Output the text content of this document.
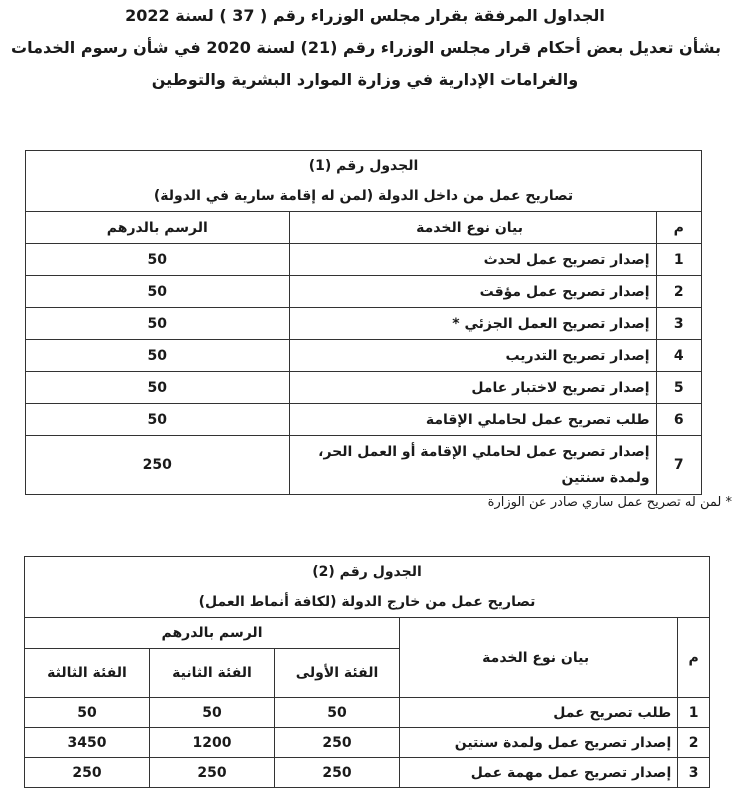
الجداول المرفقة بقرار مجلس الوزراء رقم ( 37 ) لسنة 2022
بشأن تعديل بعض أحكام قرار مجلس الوزراء رقم (21) لسنة 2020 في شأن رسوم الخدمات
والغرامات الإدارية في وزارة الموارد البشرية والتوطين
الجدول رقم (1)
تصاريح عمل من داخل الدولة (لمن له إقامة سارية في الدولة)		

م	بيان نوع الخدمة	الرسم بالدرهم
1	إصدار تصريح عمل لحدث	50
2	إصدار تصريح عمل مؤقت	50
3	إصدار تصريح العمل الجزئي *	50
4	إصدار تصريح التدريب	50
5	إصدار تصريح لاختبار عامل	50
6	طلب تصريح عمل لحاملي الإقامة	50
7	إصدار تصريح عمل لحاملي الإقامة أو العمل الحر، ولمدة سنتين	250
* لمن له تصريح عمل ساري صادر عن الوزارة
الجدول رقم (2)
تصاريح عمل من خارج الدولة (لكافة أنماط العمل)				

م	بيان نوع الخدمة	الرسم بالدرهم		
		الفئة الأولى	الفئة الثانية	الفئة الثالثة
1	طلب تصريح عمل	50	50	50
2	إصدار تصريح عمل ولمدة سنتين	250	1200	3450
3	إصدار تصريح عمل مهمة عمل	250	250	250
